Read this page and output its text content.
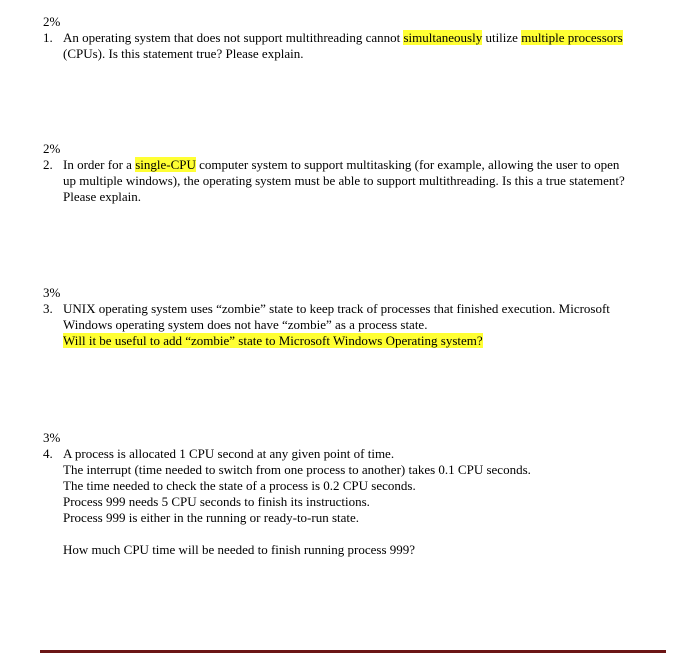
2%
1. An operating system that does not support multithreading cannot simultaneously utilize multiple processors
(CPUs). Is this statement true? Please explain.
2%
2. In order for a single-CPU computer system to support multitasking (for example, allowing the user to open
up multiple windows), the operating system must be able to support multithreading. Is this a true statement?
Please explain.
3%
3. UNIX operating system uses “zombie” state to keep track of processes that finished execution. Microsoft
Windows operating system does not have “zombie” as a process state.
Will it be useful to add “zombie” state to Microsoft Windows Operating system?
3%
4. A process is allocated 1 CPU second at any given point of time.
The interrupt (time needed to switch from one process to another) takes 0.1 CPU seconds.
The time needed to check the state of a process is 0.2 CPU seconds.
Process 999 needs 5 CPU seconds to finish its instructions.
Process 999 is either in the running or ready-to-run state.
How much CPU time will be needed to finish running process 999?
